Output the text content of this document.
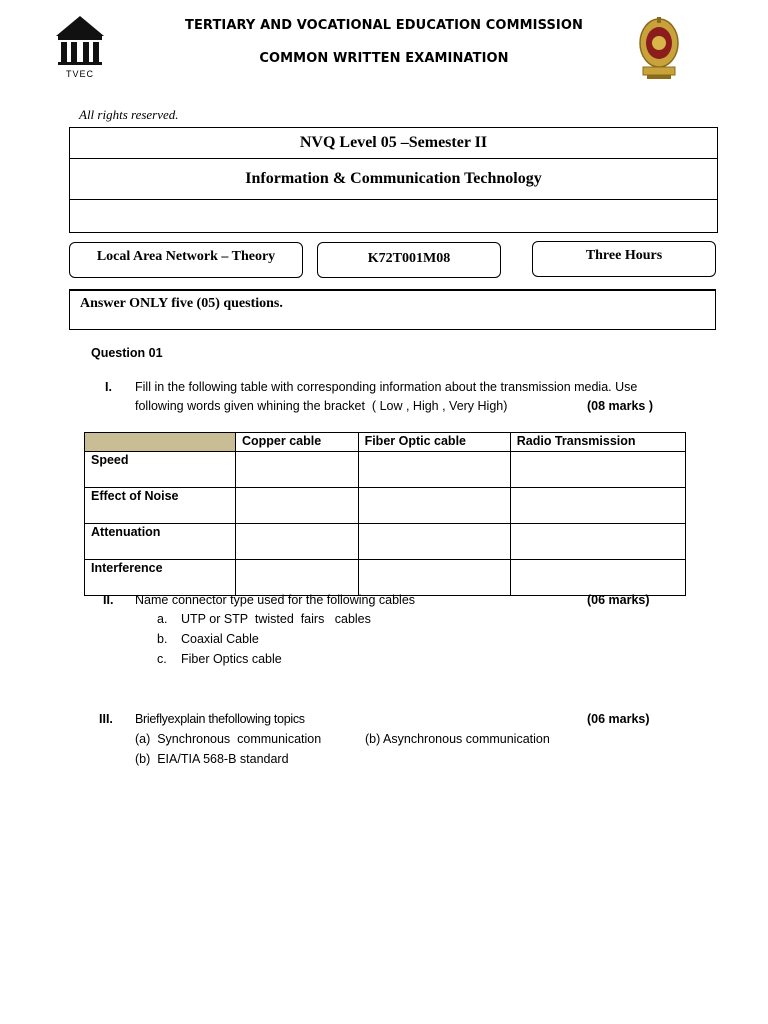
TVEC
TERTIARY AND VOCATIONAL EDUCATION COMMISSION
COMMON WRITTEN EXAMINATION
All rights reserved.
NVQ Level 05 –Semester II
Information & Communication Technology
Local Area Network – Theory	K72T001M08	Three Hours
Answer ONLY five (05) questions.
Question 01
I. Fill in the following table with corresponding information about the transmission media. Use
following words given whining the bracket  ( Low , High , Very High)	(08 marks )
	Copper cable	Fiber Optic cable	Radio Transmission
Speed			
Effect of Noise			
Attenuation			
Interference			
II. Name connector type used for the following cables	(06 marks)
a. UTP or STP  twisted  fairs   cables
b. Coaxial Cable
c. Fiber Optics cable
III. Brieflyexplain thefollowing topics	(06 marks)
(a)  Synchronous  communication	(b) Asynchronous communication
(b)  EIA/TIA 568-B standard
